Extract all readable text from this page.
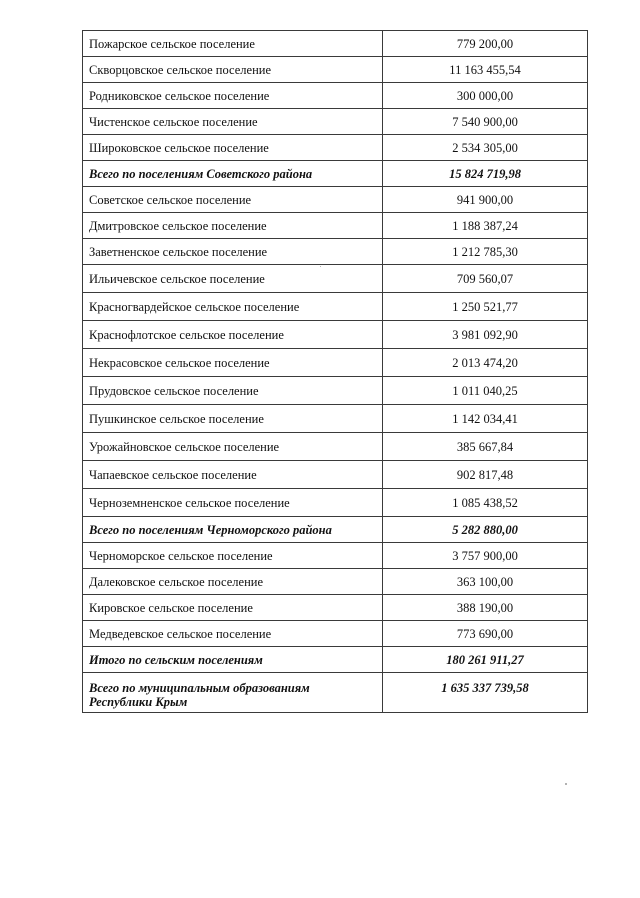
Пожарское сельское поселение	779 200,00
Скворцовское сельское поселение	11 163 455,54
Родниковское сельское поселение	300 000,00
Чистенское сельское поселение	7 540 900,00
Широковское сельское поселение	2 534 305,00
Всего по поселениям Советского района	15 824 719,98
Советское сельское поселение	941 900,00
Дмитровское сельское поселение	1 188 387,24
Заветненское сельское поселение	1 212 785,30
Ильичевское сельское поселение	709 560,07
Красногвардейское сельское поселение	1 250 521,77
Краснофлотское сельское поселение	3 981 092,90
Некрасовское сельское поселение	2 013 474,20
Прудовское сельское поселение	1 011 040,25
Пушкинское сельское поселение	1 142 034,41
Урожайновское сельское поселение	385 667,84
Чапаевское сельское поселение	902 817,48
Черноземненское сельское поселение	1 085 438,52
Всего по поселениям Черноморского района	5 282 880,00
Черноморское сельское поселение	3 757 900,00
Далековское сельское поселение	363 100,00
Кировское сельское поселение	388 190,00
Медведевское сельское поселение	773 690,00
Итого по сельским поселениям	180 261 911,27
Всего по муниципальным образованиям Республики Крым	1 635 337 739,58
